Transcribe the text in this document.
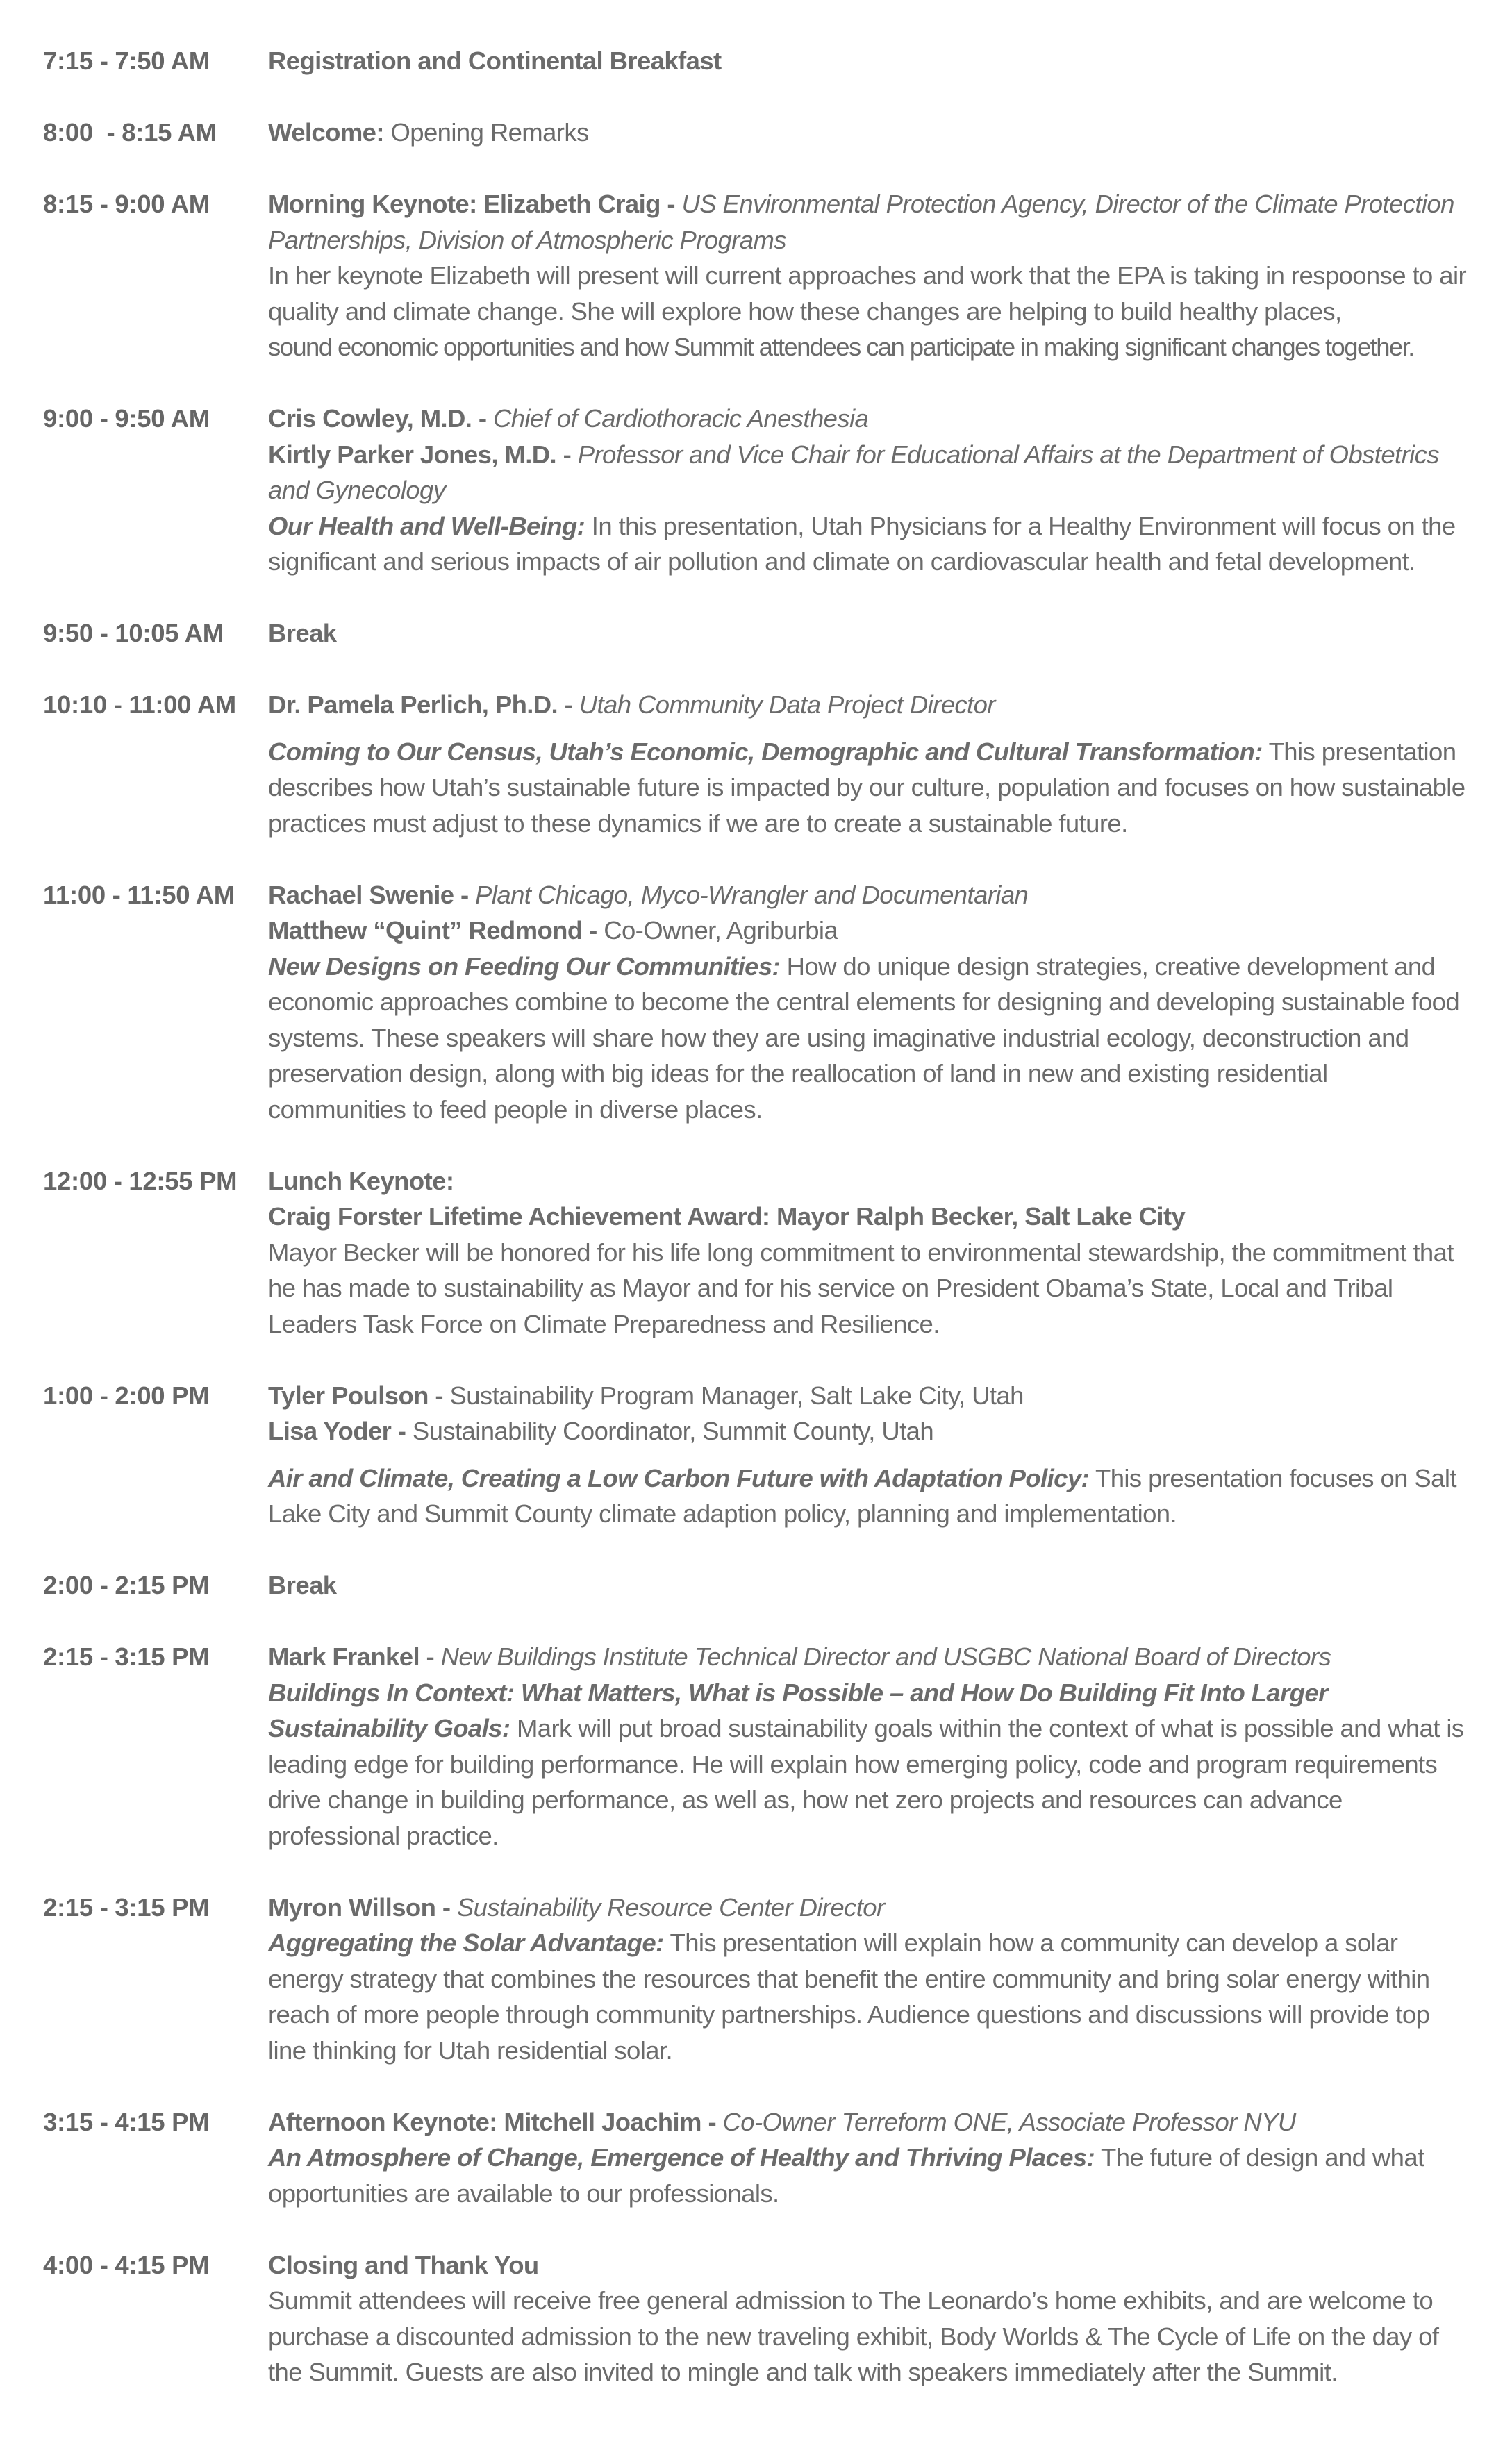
7:15 - 7:50 AM	Registration and Continental Breakfast
8:00  - 8:15 AM	Welcome: Opening Remarks
8:15 - 9:00 AM	Morning Keynote: Elizabeth Craig - US Environmental Protection Agency, Director of the Climate Protection Partnerships, Division of Atmospheric Programs
In her keynote Elizabeth will present will current approaches and work that the EPA is taking in respoonse to air quality and climate change. She will explore how these changes are helping to build healthy places,
sound economic opportunities and how Summit attendees can participate in making significant changes together.
9:00 - 9:50 AM	Cris Cowley, M.D. - Chief of Cardiothoracic Anesthesia
Kirtly Parker Jones, M.D. - Professor and Vice Chair for Educational Affairs at the Department of Obstetrics and Gynecology
Our Health and Well-Being: In this presentation, Utah Physicians for a Healthy Environment will focus on the significant and serious impacts of air pollution and climate on cardiovascular health and fetal development.
9:50 - 10:05 AM	Break
10:10 - 11:00 AM	Dr. Pamela Perlich, Ph.D. - Utah Community Data Project Director
Coming to Our Census, Utah’s Economic, Demographic and Cultural Transformation: This presentation describes how Utah’s sustainable future is impacted by our culture, population and focuses on how sustainable practices must adjust to these dynamics if we are to create a sustainable future.
11:00 - 11:50 AM	Rachael Swenie - Plant Chicago, Myco-Wrangler and Documentarian
Matthew “Quint” Redmond - Co-Owner, Agriburbia
New Designs on Feeding Our Communities: How do unique design strategies, creative development and economic approaches combine to become the central elements for designing and developing sustainable food systems. These speakers will share how they are using imaginative industrial ecology, deconstruction and preservation design, along with big ideas for the reallocation of land in new and existing residential communities to feed people in diverse places.
12:00 - 12:55 PM	Lunch Keynote:
Craig Forster Lifetime Achievement Award: Mayor Ralph Becker, Salt Lake City
Mayor Becker will be honored for his life long commitment to environmental stewardship, the commitment that he has made to sustainability as Mayor and for his service on President Obama’s State, Local and Tribal Leaders Task Force on Climate Preparedness and Resilience.
1:00 - 2:00 PM	Tyler Poulson - Sustainability Program Manager, Salt Lake City, Utah
Lisa Yoder - Sustainability Coordinator, Summit County, Utah
Air and Climate, Creating a Low Carbon Future with Adaptation Policy: This presentation focuses on Salt Lake City and Summit County climate adaption policy, planning and implementation.
2:00 - 2:15 PM	Break
2:15 - 3:15 PM	Mark Frankel - New Buildings Institute Technical Director and USGBC National Board of Directors
Buildings In Context: What Matters, What is Possible – and How Do Building Fit Into Larger Sustainability Goals: Mark will put broad sustainability goals within the context of what is possible and what is leading edge for building performance. He will explain how emerging policy, code and program requirements drive change in building performance, as well as, how net zero projects and resources can advance professional practice.
2:15 - 3:15 PM	Myron Willson - Sustainability Resource Center Director
Aggregating the Solar Advantage: This presentation will explain how a community can develop a solar energy strategy that combines the resources that benefit the entire community and bring solar energy within reach of more people through community partnerships. Audience questions and discussions will provide top line thinking for Utah residential solar.
3:15 - 4:15 PM	Afternoon Keynote: Mitchell Joachim - Co-Owner Terreform ONE, Associate Professor NYU
An Atmosphere of Change, Emergence of Healthy and Thriving Places: The future of design and what opportunities are available to our professionals.
4:00 - 4:15 PM	Closing and Thank You
Summit attendees will receive free general admission to The Leonardo’s home exhibits, and are welcome to purchase a discounted admission to the new traveling exhibit, Body Worlds & The Cycle of Life on the day of the Summit. Guests are also invited to mingle and talk with speakers immediately after the Summit.
